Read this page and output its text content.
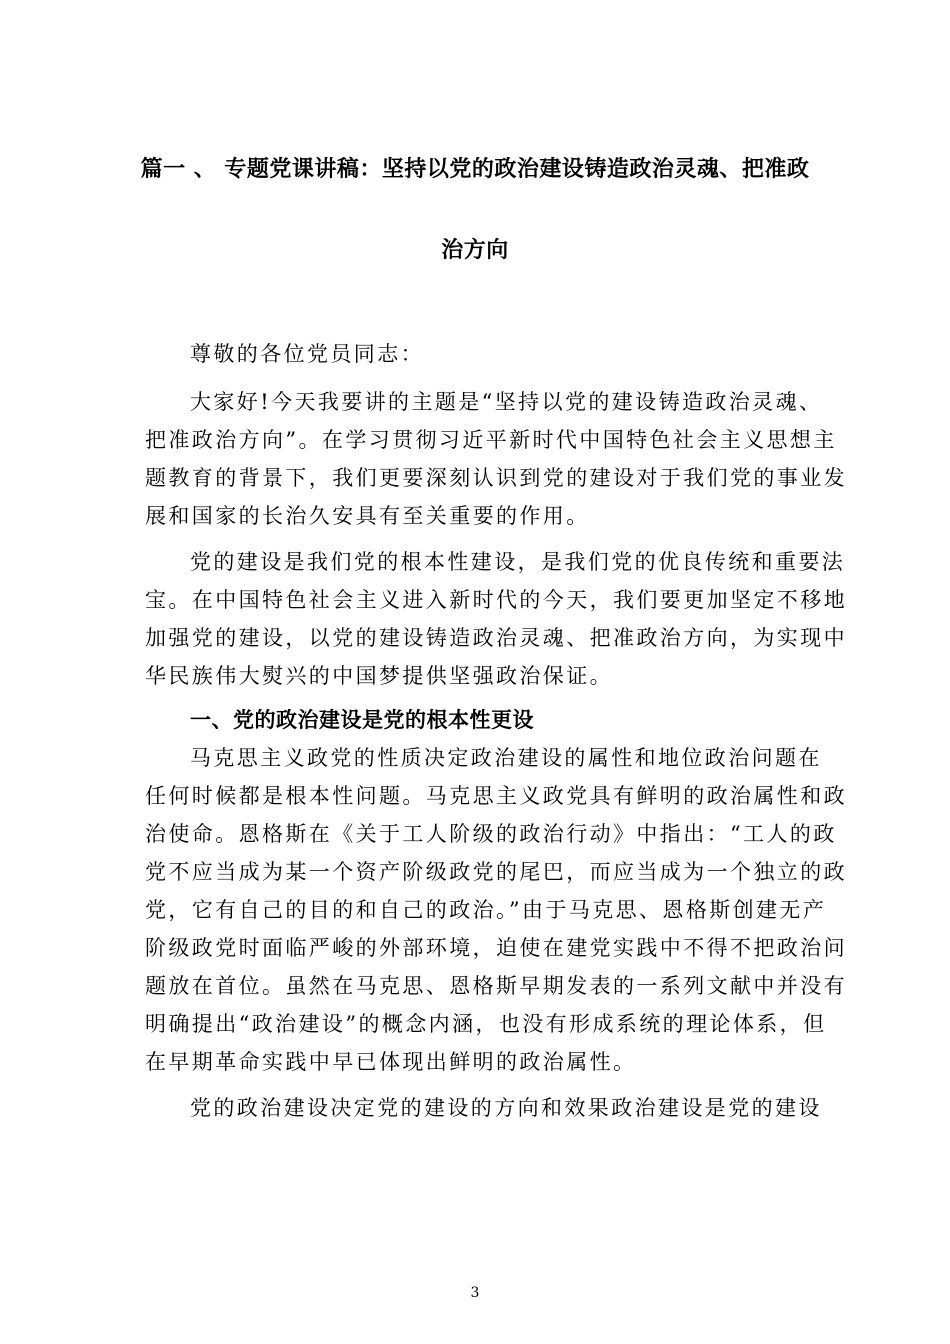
篇一 、 专题党课讲稿：坚持以党的政治建设铸造政治灵魂、把准政
治方向
尊敬的各位党员同志：
大家好!今天我要讲的主题是“坚持以党的建设铸造政治灵魂、
把准政治方向”。在学习贯彻习近平新时代中国特色社会主义思想主
题教育的背景下，我们更要深刻认识到党的建设对于我们党的事业发
展和国家的长治久安具有至关重要的作用。
党的建设是我们党的根本性建设，是我们党的优良传统和重要法
宝。在中国特色社会主义进入新时代的今天，我们要更加坚定不移地
加强党的建设，以党的建设铸造政治灵魂、把准政治方向，为实现中
华民族伟大熨兴的中国梦提供坚强政治保证。
一、党的政治建设是党的根本性更设
马克思主义政党的性质决定政治建设的属性和地位政治问题在
任何时候都是根本性问题。马克思主义政党具有鲜明的政治属性和政
治使命。恩格斯在《关于工人阶级的政治行动》中指出：“工人的政
党不应当成为某一个资产阶级政党的尾巴，而应当成为一个独立的政
党，它有自己的目的和自己的政治。”由于马克思、恩格斯创建无产
阶级政党时面临严峻的外部环境，迫使在建党实践中不得不把政治问
题放在首位。虽然在马克思、恩格斯早期发表的一系列文献中并没有
明确提出“政治建设”的概念内涵，也没有形成系统的理论体系，但
在早期革命实践中早已体现出鲜明的政治属性。
党的政治建设决定党的建设的方向和效果政治建设是党的建设
3
